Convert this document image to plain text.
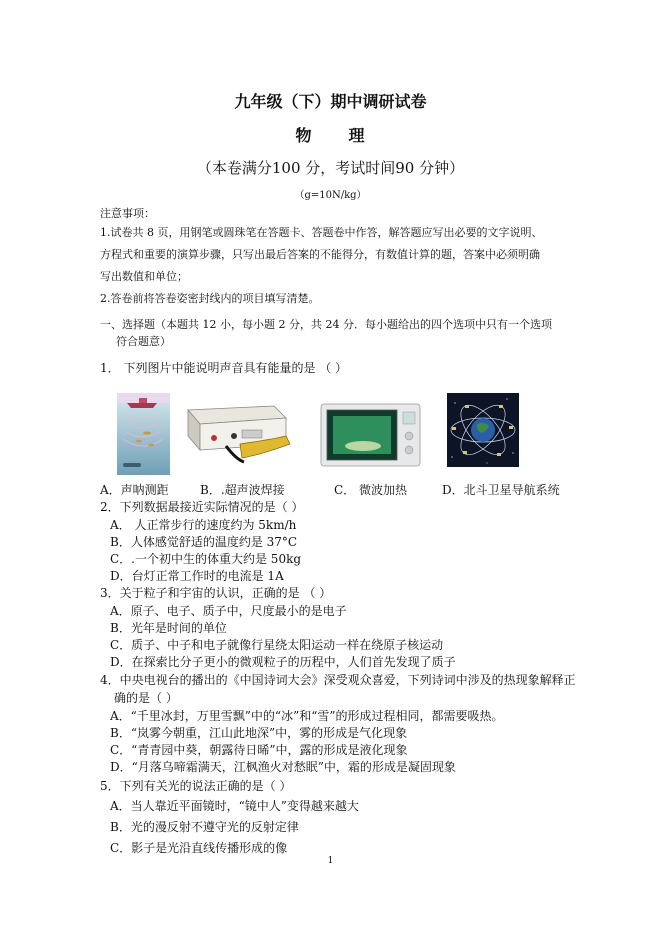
九年级（下）期中调研试卷
物 理
（本卷满分100 分，考试时间90 分钟）
（g=10N/kg）
注意事项：
1.试卷共 8 页，用钢笔或圆珠笔在答题卡、答题卷中作答，解答题应写出必要的文字说明、
方程式和重要的演算步骤，只写出最后答案的不能得分，有数值计算的题，答案中必须明确
写出数值和单位；
2.答卷前将答卷姿密封线内的项目填写清楚。
一、选择题（本题共 12 小，每小题 2 分，共 24 分．每小题给出的四个选项中只有一个选项
符合题意）
1． 下列图片中能说明声音具有能量的是 （ ）
A．声呐测距	B．.超声波焊接	C． 微波加热	D．北斗卫星导航系统
2．下列数据最接近实际情况的是（ ）
A． 人正常步行的速度约为 5km/h
B．人体感觉舒适的温度约是 37°C
C．.一个初中生的体重大约是 50kg
D．台灯正常工作时的电流是 1A
3．关于粒子和宇宙的认识，正确的是 （ ）
A．原子、电子、质子中，尺度最小的是电子
B．光年是时间的单位
C．质子、中子和电子就像行星绕太阳运动一样在绕原子核运动
D．在探索比分子更小的微观粒子的历程中，人们首先发现了质子
4．中央电视台的播出的《中国诗词大会》深受观众喜爱，下列诗词中涉及的热现象解释正
确的是（ ）
A．“千里冰封，万里雪飘”中的“冰”和“雪”的形成过程相同，都需要吸热。
B．“岚雾今朝重，江山此地深”中，雾的形成是气化现象
C．“青青园中葵，朝露待日晞”中，露的形成是液化现象
D．“月落乌啼霜满天，江枫渔火对愁眠”中，霜的形成是凝固现象
5．下列有关光的说法正确的是（ ）
A．当人靠近平面镜时，“镜中人”变得越来越大
B．光的漫反射不遵守光的反射定律
C．影子是光沿直线传播形成的像
1
